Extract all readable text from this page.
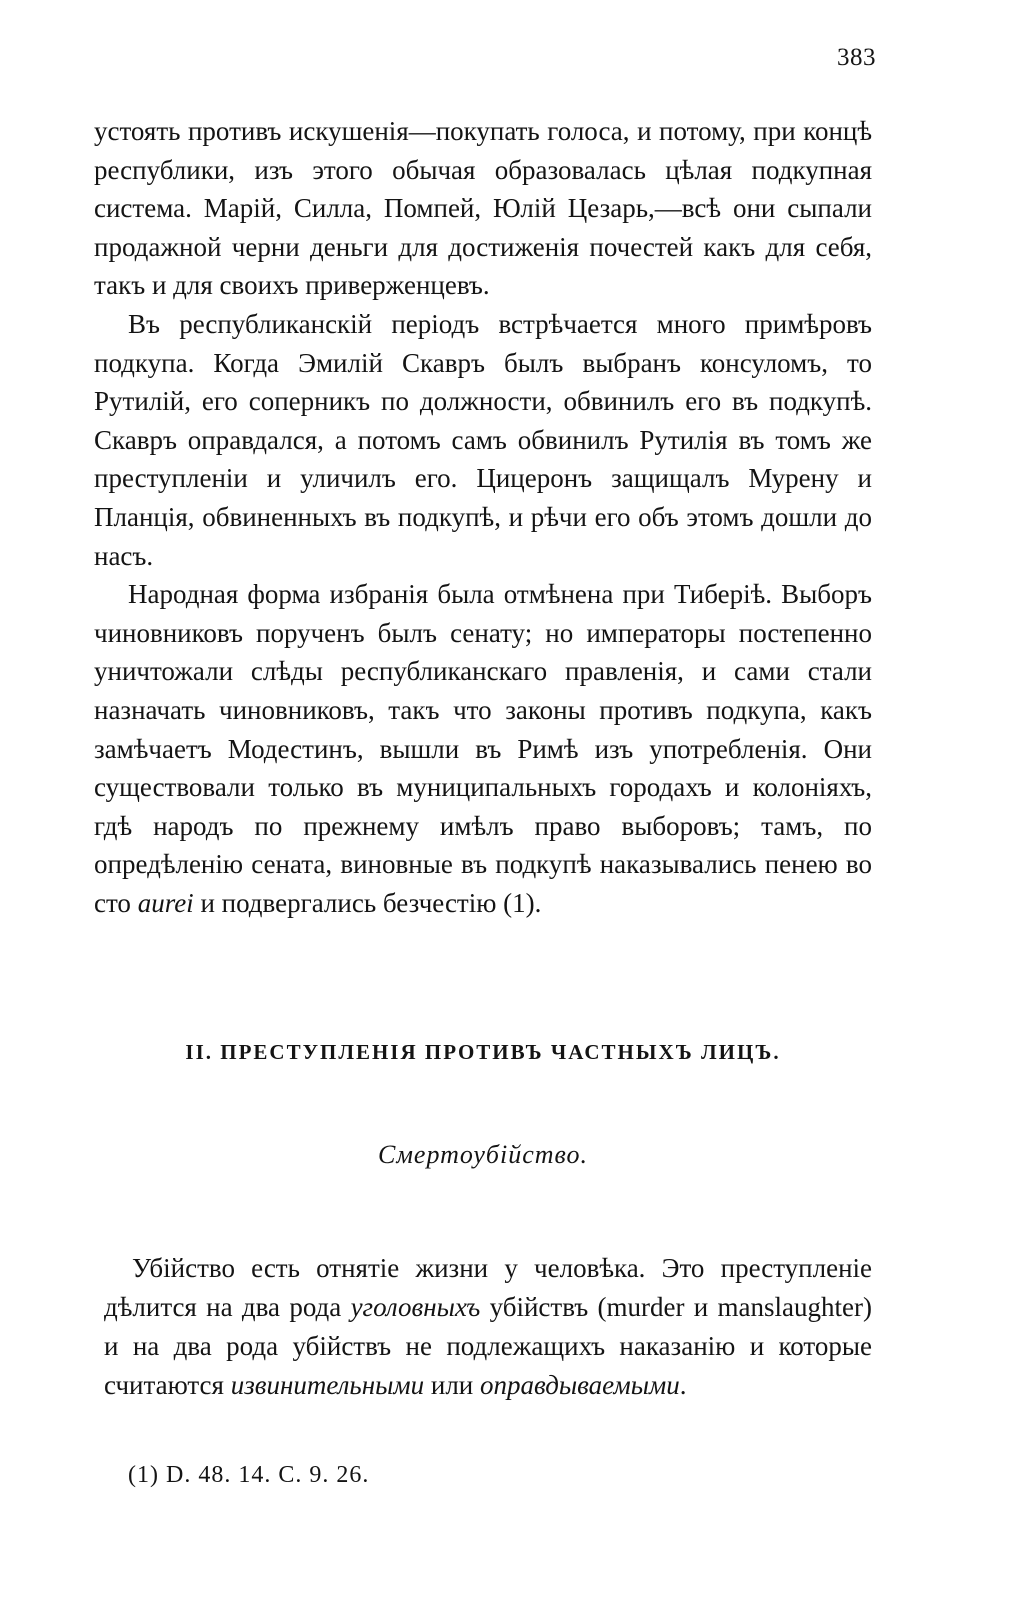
383

устоять противъ искушенія—покупать голоса, и потому, при концѣ республики, изъ этого обычая образовалась цѣлая подкупная система. Марій, Силла, Помпей, Юлій Цезарь,—всѣ они сыпали продажной черни деньги для достиженія почестей какъ для себя, такъ и для своихъ приверженцевъ.

Въ республиканскій періодъ встрѣчается много примѣровъ подкупа. Когда Эмилій Скавръ былъ выбранъ консуломъ, то Рутилій, его соперникъ по должности, обвинилъ его въ подкупѣ. Скавръ оправдался, а потомъ самъ обвинилъ Рутилія въ томъ же преступленіи и уличилъ его. Цицеронъ защищалъ Мурену и Планція, обвиненныхъ въ подкупѣ, и рѣчи его объ этомъ дошли до насъ.

Народная форма избранія была отмѣнена при Тиберіѣ. Выборъ чиновниковъ порученъ былъ сенату; но императоры постепенно уничтожали слѣды республиканскаго правленія, и сами стали назначать чиновниковъ, такъ что законы противъ подкупа, какъ замѣчаетъ Модестинъ, вышли въ Римѣ изъ употребленія. Они существовали только въ муниципальныхъ городахъ и колоніяхъ, гдѣ народъ по прежнему имѣлъ право выборовъ; тамъ, по опредѣленію сената, виновные въ подкупѣ наказывались пенею во сто aurei и подвергались безчестію (1).

II. ПРЕСТУПЛЕНІЯ ПРОТИВЪ ЧАСТНЫХЪ ЛИЦЪ.
Смертоубійство.

Убійство есть отнятіе жизни у человѣка. Это преступленіе дѣлится на два рода уголовныхъ убійствъ (murder и manslaughter) и на два рода убійствъ не подлежащихъ наказанію и которые считаются извинительными или оправдываемыми.

(1) D. 48. 14. C. 9. 26.
